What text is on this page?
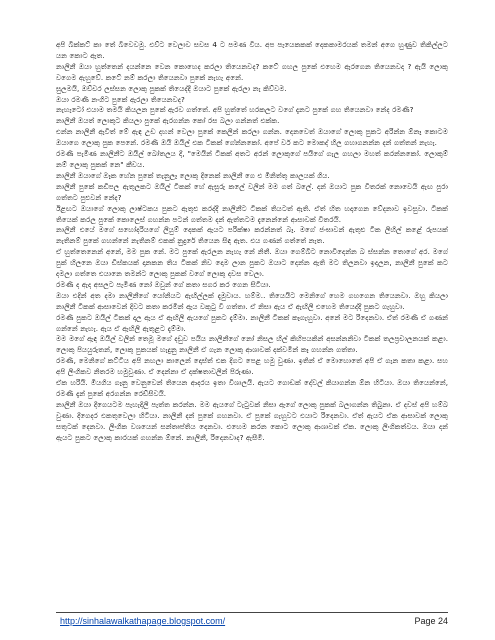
අපි බික්කට් කා තේ බීවෙවමු. එව්ට වෙලාව සවස 4 ට පමණ විය. අප පැයෙකකක් දෙකකාමරයක් තමන් අගෙ හුණුව තිකිල්ලට යන කොට ඇත.

නාලිනී ඔයා හුත්තෙන් දයන්නෙ වෙන කොහෙද කරලා තියෙනවද? කටේ ගහල පුකේ එහෙම ඇරගෙන තියෙනවද ? ඇයි ලොකු වගෙම ඇහුවේ. කටේ නම් කරලා තියෙනවා පුකේ නැහැ අනේ.

සුලමයි, ඔච්චර ලස්සන ලොකු පුකක් තියෙද්දී ඔයාට පුකේ ඇරලා නැ කිව්වම.

ඔයා රමණි නංගිට පුකේ ඇරලා තියෙනවද?

නැහැටෝ එයාම තමයි කියලන පුකේ ඇරව ගත්තේ. අපි හුත්තේ හරකලට වගේ දැනට පුකේ ගහ තියෙනවා නේද රමණි?

නාලිනී ඔයත් ලොකුට කියලා පුකේ ඇරගන්න කෝ රස බලා ගන්නත් එක්ක.

එන්න නාලිනී ඇවිත් මේ ඇඳ උඩ දහන් වෙලා පුකේ කෙලින් කරලා ගන්න. දෙනවෙත් ඔයාගේ ලොකු පුකට අරින්න ඕනෑ කොටම ඔයාගෙ ලොකු පුක පෙනේ. රමණි ඔයි ඔයිල් එක ටිකක් ගේන්නකෝ. අපේ වර් කට මොකද් හිල ගහාගනන්න දන් ගත්තන් නැහැ.

රමණි පැමිණ නාලිනීට ඔයිල් බෝතලය දී, "මෙයින් ටිකක් අතට අරන් ලොකුගේ පයිගේ ගැල ගහලා මහත් කරන්නකෝ. ලොකුම් නම් ලොකු පුකක් නෙ" කීවය.

නාලිනී ඔයාගේ ඔෑක හේන පුකේ තැනුලෑ ලොකු දිනෙක් නාලිනී ගෙ එ මිනිත්තු කාලයක් ගිය.

නාලිනී පුකේ කඩිපල ඇතුලකට ඔයිල් ටිකක් හේ ඇසුරු කලේ වලින් මම ගත් බලේ. දන් ඔයාට පුක විතරක් නොවෙයි ඇඟ පුරා ගත්තට පුළුවන් නේද?

ඊළඟට ඔයාගේ ලොකු ලාෂ්ටකය පුකට ඇතුළු කරද්දී නාලිනීට ටිකක් තියටත් ඇති. ඒත් හිත හදාගෙන වේදනාව ඉවසුවා. ටිකක් තියෙක් කරල පුකේ කොලෙස් ගහන්න පටන් ගත්තම දන් ඇත්තටම දැනෙන්නේ ආසාවක් විතරයි.

නාලිනී එයේ මගේ සහෝදරියගේ ලියුම් දෙකක් ඇයට පරික්ෂා කරන්නත් බෑ. මගේ ජංඝාවන් ඇතුළු ටික ලිහිල් කළේ රුපයක් නැතිනම් පුකේ ගහන්නේ නැතිනම් එකක් නුදුරේ තියෙන සිඳ ඇත. එය ගණන් ගත්තේ නැත.

ඒ හුත්තෙනෙන් අනේ, මම පුක නේ. මට පුකේ ඇරලන නැහැ නේ නිතී. ඔයා ගෙම්බිට නොවිදෙන්න බ ස්සන්න තොගේ අර. මගේ පුක් හිලනෙ ඔයා ඩිස්කයක් දානකන තිය ටිකක් නිව දොම ලාන පුකට ඔයාට දෙන්න ඇති මට තිලනවා ඉදලන, නාලිනී පුකේ කට දමලා ගත්තෙ එයානෙ තමන්ට ලොකු පුකක් වගේ ලොකු දවස වෙලා.

රමණි ද ඇද අසලට පැමිණ නෝ ඔවුන් ගේ කතා සගර කර ගෙන සිටියා.

ඔයා එදින් අත දමා නාලිනීගේ යෝනියට ඇඟිල්ලක් දැමුවාය. හම්ම.. තියෙයිට මෙනිගේ හෙම ගහගෙන තියෙනවා. ඔහු කියලා නාලිනී ටිකක් ආසාවෙන් දිවට කතා කරමින් ඇය වකුටු වී ගත්තා. ඒ නිසා ඇය ඒ ඇඟිලි එහෙම තියෙද්දී පුකට ගැහුවා.

රමණි පුකට ඔයිල් ටිකක් දාල ඇය ඒ ඇඟිලි ඇයගේ පුකට දැම්මා. නාලිනී ටිකක් කෑගැහුවා. අනේ මට රිදෙනවා. ඒත් රමණි ඒ ගණන් ගන්නේ නැහැ. ඇය ඒ ඇඟිලි ඇතුළට දැම්මා.

මම මගේ ඇඳ ඔයිල් වලින් තෙමූ මගේ දඩුව පයිය නාලිනීගේ නෝ නිසල හිල් කිහිපයකින් අසන්නනිවා ටිකක් තලප්‍රචාලනයක් කළා. ලොකු පියයුරුතන්, ලොකු පුකයක් හැදුනු නාලිනී ඒ ගැන ලොකු ආශාවක් දක්වමින් කෑ ගහන්න ගත්තා.

රමණි, මෙනිගේ කට්ටිය අපි නහලා කාලෙන් දොස්ත් එක දිගට පෙළ හමු වුණා. ඉතින් ඒ මොහොතේ අපි ඒ ගැන කතා කළා. සහ අපි ලිංගිකව නිතරම හමුවුණා. ඒ දෙන්නා ඒ දක්ෂතාවලින් පිරුණා.

ඒක හරියි. මියගිය ගෑනු වෙනුවෙන් තියෙන ආදරය ඉතා විශාලයි. ඇයට ගොඩක් දේවල් කියාගන්න ඕන හිටියා. ඔයා තියෙන්නේ, රමණි දැන් පුකේ අරගන්න රෙඩ්සිවයි.

නාලිනී ඔයා දීගෙයටම පැහැදිලි පැත්ත කරන්න. මම ඇයගේ ටැටුවක් නිසා ඇගේ ලොකු පුකක් බලාගන්න තිබුනා. ඒ දවස් අපි හම්බ වුණා. දීගෙදර එකතුවෙලා හිටියා. නාලිනී දන් පුකේ ගහනවා. ඒ පුකේ ගැහුවට එයාට රිදෙනවා. ඒත් ඇයට ඒක ආසාවක් ලොකු සතුටක් දෙනවා. ලිංගික වශයෙන් සන්තෘප්තිය දෙනවා. එහෙම කරන කොට ලොකු ආශාවක් ඒක. ලොකු ලිංගිකත්වය. ඔයා දන් ඇයට පුකට ලොකු කාරයක් ගහන්න ඕනේ. නාලිනී, රිදෙනවාද? ඇසීමි.

http://sinhalawalkathapage.blogspot.com/	Page 24
